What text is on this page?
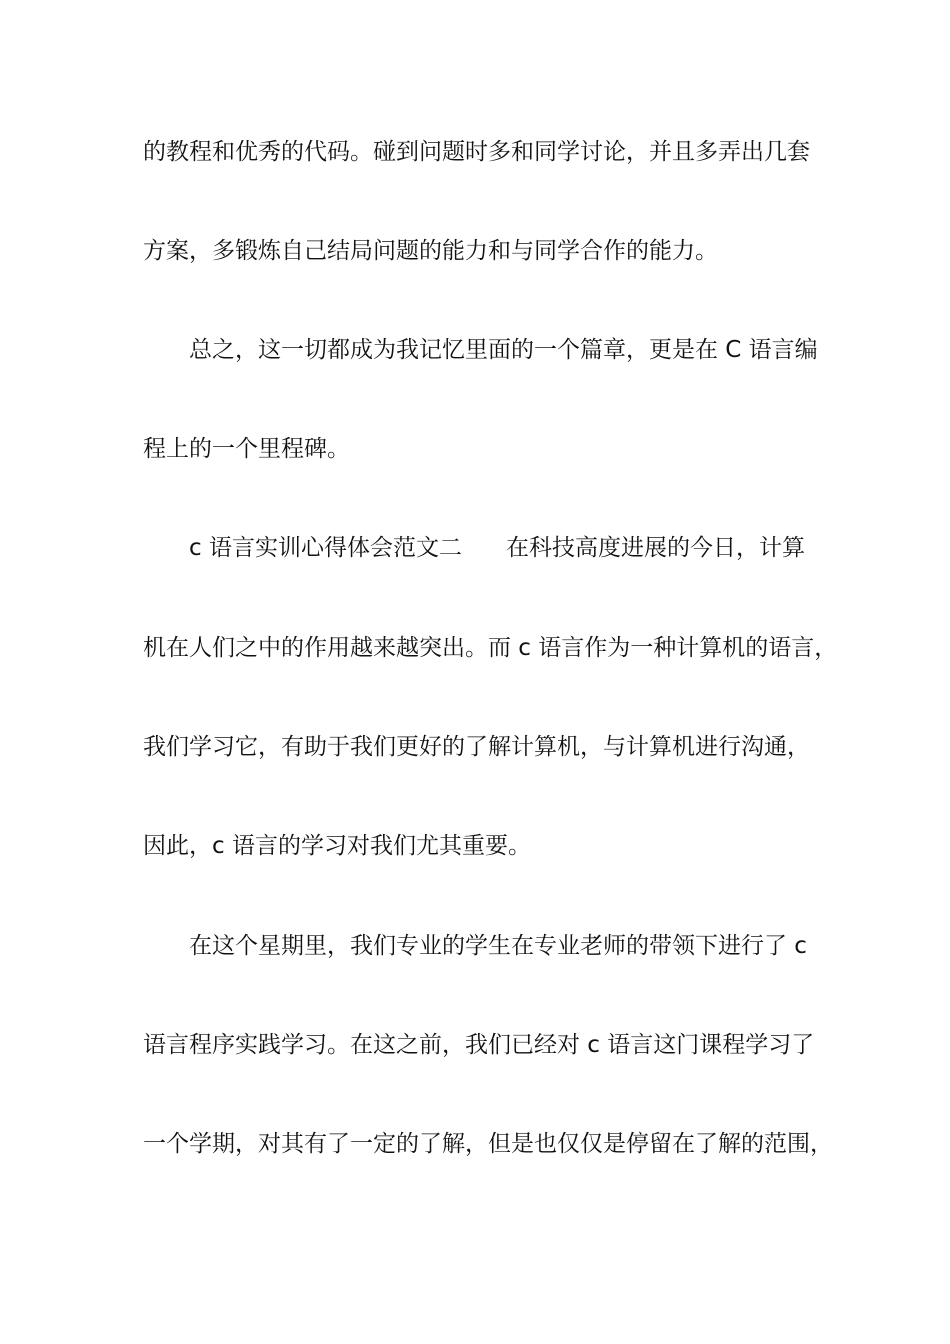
的教程和优秀的代码。碰到问题时多和同学讨论，并且多弄出几套
方案，多锻炼自己结局问题的能力和与同学合作的能力。
总之，这一切都成为我记忆里面的一个篇章，更是在 C 语言编
程上的一个里程碑。
c 语言实训心得体会范文二 在科技高度进展的今日，计算
机在人们之中的作用越来越突出。而 c 语言作为一种计算机的语言，
我们学习它，有助于我们更好的了解计算机，与计算机进行沟通，
因此，c 语言的学习对我们尤其重要。
在这个星期里，我们专业的学生在专业老师的带领下进行了 c
语言程序实践学习。在这之前，我们已经对 c 语言这门课程学习了
一个学期，对其有了一定的了解，但是也仅仅是停留在了解的范围，
